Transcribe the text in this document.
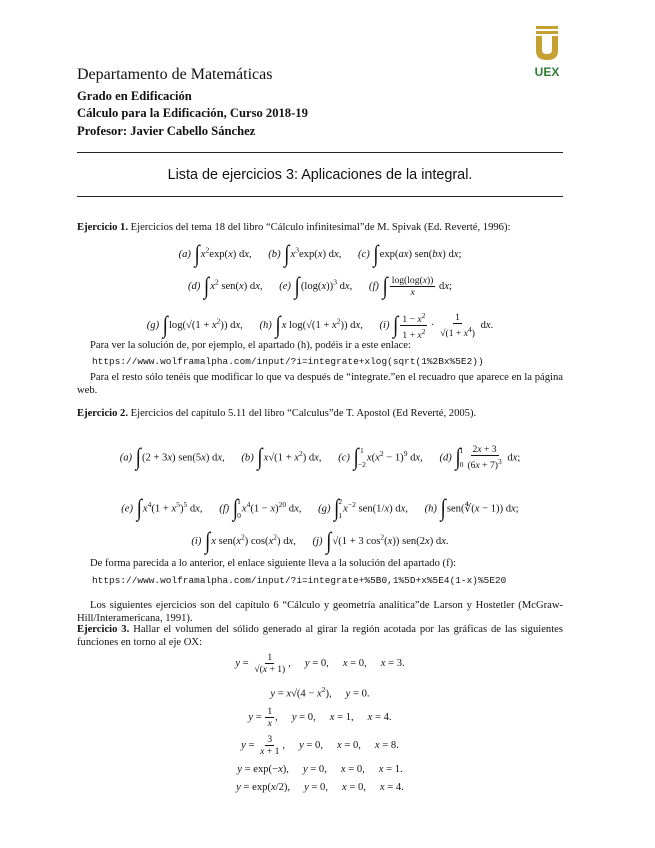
UEX
Departamento de Matemáticas
Grado en Edificación
Cálculo para la Edificación, Curso 2018-19
Profesor: Javier Cabello Sánchez
Lista de ejercicios 3: Aplicaciones de la integral.
Ejercicio 1. Ejercicios del tema 18 del libro “Cálculo infinitesimal”de M. Spivak (Ed. Reverté, 1996):
(a) $\int x^2\exp(x)$ dx, (b) $\int x^3\exp(x)$ dx, (c) ∫exp(ax) sen(bx) dx;
(d) $\int x^2$ sen(x) dx, (e) $\int(\log(x))^3$ dx, (f) ∫ $\frac{\log(\log(x))}{x}$ dx;
(g) $\int\log(√(1 + x^2))$ dx, (h) ∫x $\log(√(1 + x^2))$ dx, (i) ∫ $\frac{1 - x^2}{1 + x^2} \cdot \frac{1}{√(1 + x^4)}$ dx.
Para ver la solución de, por ejemplo, el apartado (h), podéis ir a este enlace:
https://www.wolframalpha.com/input/?i=integrate+xlog(sqrt(1%2Bx%5E2))
Para el resto sólo tenéis que modificar lo que va después de “integrate.”en el recuadro que aparece en la página web.
Ejercicio 2. Ejercicios del capítulo 5.11 del libro “Calculus”de T. Apostol (Ed Reverté, 2005).
(a) ∫(2 + 3x) sen(5x) dx, (b) $\int x√(1 + x^2)$ dx, (c) ∫ 1
−2
$x(x^2 - 1)^9$ dx, (d) ∫ 1
$0 \frac{2x + 3}{(6x + 7)^3}$ dx;
(e) $\int x^4(1 + x^5)^5$ dx, (f) ∫ 1
0
$x^4(1 - x)^{20}$ dx, (g) ∫ 2
1
$x^{-2}$ sen(1/x) dx, (h) ∫sen(∜(x − 1)) dx;
(i) ∫x $sen(x^2)$ $\cos(x^2)$ dx, (j) ∫√(1 + 3 $\cos^2(x)$) sen(2x) dx.
De forma parecida a lo anterior, el enlace siguiente lleva a la solución del apartado (f):
https://www.wolframalpha.com/input/?i=integrate+%5B0,1%5D+x%5E4(1-x)%5E20
Los siguientes ejercicios son del capítulo 6 “Cálculo y geometría analítica”de Larson y Hostetler (McGraw-Hill/Interamericana, 1991).
Ejercicio 3. Hallar el volumen del sólido generado al girar la región acotada por las gráficas de las siguientes funciones en torno al eje OX:
$y = \frac{1}{√(x + 1)}$ , y = 0, x = 0, x = 3.
$y = x√(4 - x^2)$, y = 0.
$y = \frac{1}{x}$ , y = 0, x = 1, x = 4.
$y = \frac{3}{x + 1}$ , y = 0, x = 0, x = 8.
y = exp(−x), y = 0, x = 0, x = 1.
y = exp(x/2), y = 0, x = 0, x = 4.
